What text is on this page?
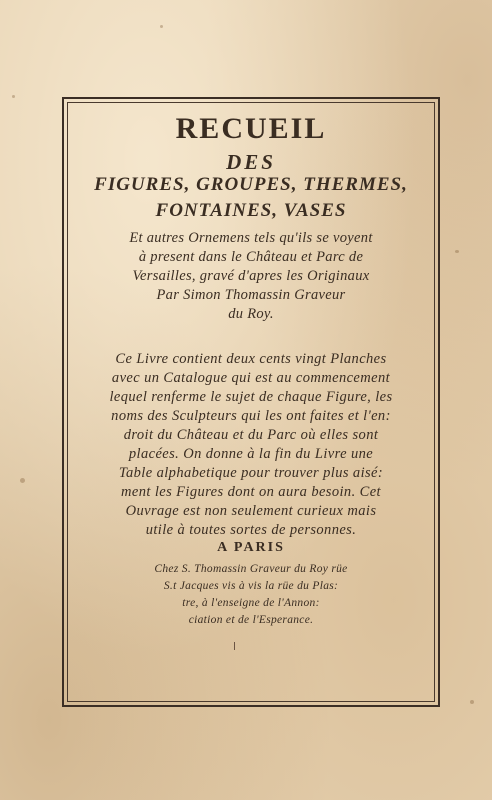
RECUEIL
DES
FIGURES, GROUPES, THERMES,
FONTAINES, VASES
Et autres Ornemens tels qu'ils se voyent
à present dans le Château et Parc de
Versailles, gravé d'apres les Originaux
Par Simon Thomassin Graveur
du Roy.
Ce Livre contient deux cents vingt Planches
avec un Catalogue qui est au commencement
lequel renferme le sujet de chaque Figure, les
noms des Sculpteurs qui les ont faites et l'en:
droit du Château et du Parc où elles sont
placées. On donne à la fin du Livre une
Table alphabetique pour trouver plus aisé:
ment les Figures dont on aura besoin. Cet
Ouvrage est non seulement curieux mais
utile à toutes sortes de personnes.
A PARIS
Chez S. Thomassin Graveur du Roy rüe
S.t Jacques vis à vis la rüe du Plas:
tre, à l'enseigne de l'Annon:
ciation et de l'Esperance.
